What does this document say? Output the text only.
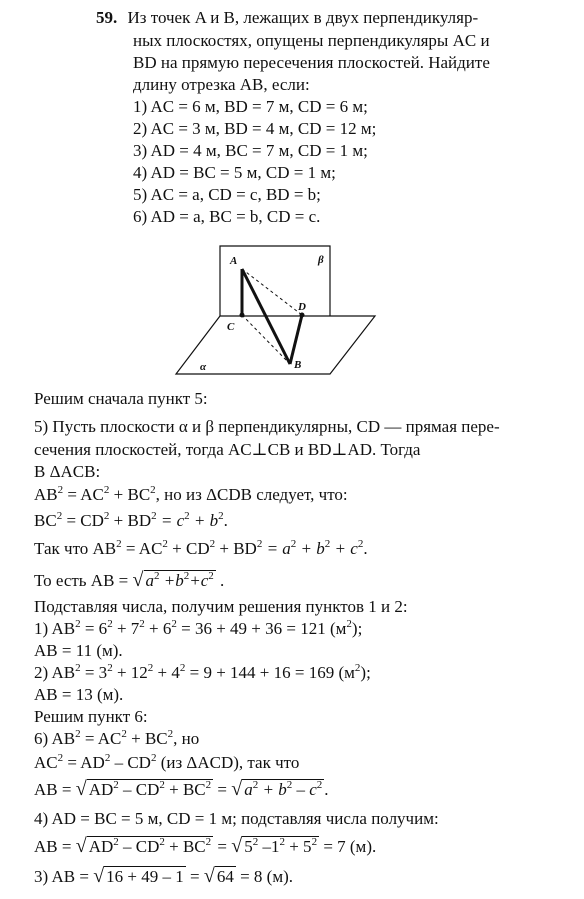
59. Из точек A и B, лежащих в двух перпендикуляр-
ных плоскостях, опущены перпендикуляры AC и
BD на прямую пересечения плоскостей. Найдите
длину отрезка AB, если:
1) AC = 6 м, BD = 7 м, CD = 6 м;
2) AC = 3 м, BD = 4 м, CD = 12 м;
3) AD = 4 м, BC = 7 м, CD = 1 м;
4) AD = BC = 5 м, CD = 1 м;
5) AC = a, CD = c, BD = b;
6) AD = a, BC = b, CD = c.
A
B
C
D
β
α
Решим сначала пункт 5:
5) Пусть плоскости α и β перпендикулярны, CD — прямая пере-
сечения плоскостей, тогда AC⊥CB и BD⊥AD. Тогда
В ΔACB:
$AB^2 = AC^2 + BC^2$, но из ΔCDB следует, что:
$BC^2 = CD^2 + BD^2 = c^2 + b^2$.
Так что $AB^2 = AC^2 + CD^2 + BD^2 = a^2 + b^2 + c^2$.
То есть AB = √ $a^2 +b^2+c^2$ .
Подставляя числа, получим решения пунктов 1 и 2:
1) $AB^2 = 6^2 + 7^2 + 6^2 = 36 + 49 + 36 = 121$ $(м^2)$;
AB = 11 (м).
2) $AB^2 = 3^2 + 12^2 + 4^2 = 9 + 144 + 16 = 169$ $(м^2)$;
AB = 13 (м).
Решим пункт 6:
6) $AB^2 = AC^2 + BC^2$, но
$AC^2 = AD^2 - CD^2$ (из ΔACD), так что
AB = √ $AD^2 - CD^2 + BC^2$ = √ $a^2 + b^2 - c^2$ .
4) AD = BC = 5 м, CD = 1 м; подставляя числа получим:
AB = √ $AD^2 - CD^2 + BC^2$ = √ $5^2$ $-1^2 + 5^2 = 7$ (м).
3) AB = √ 16 + 49 – 1 = √ 64 = 8 (м).
